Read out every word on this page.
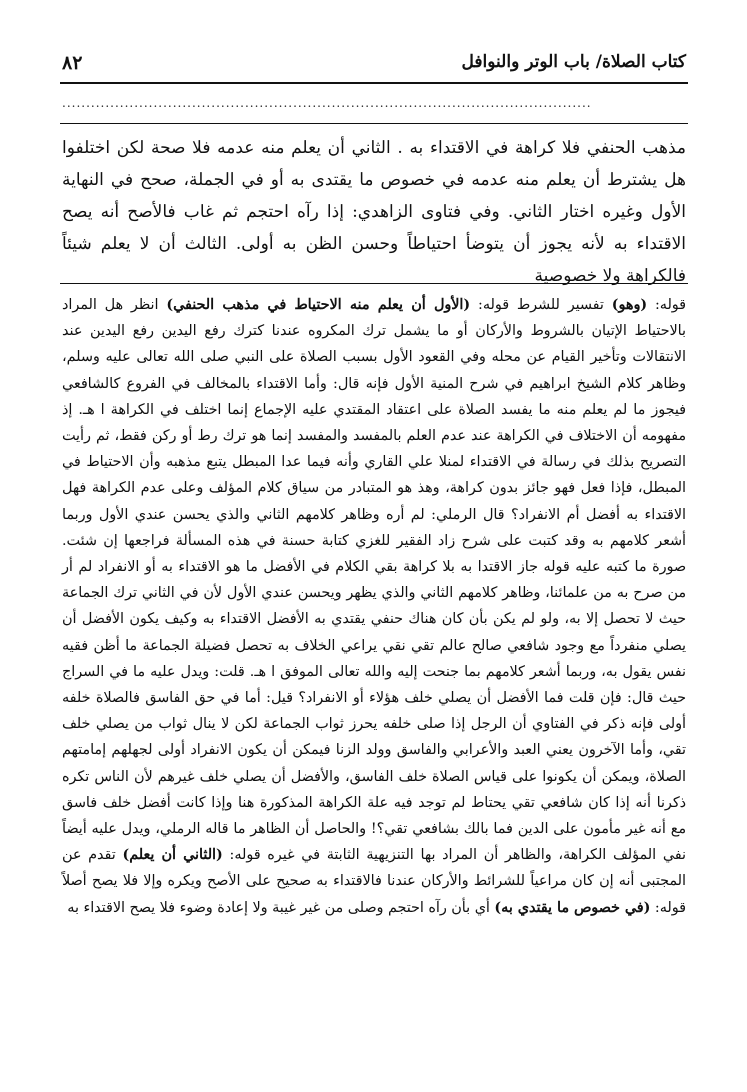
كتاب الصلاة/ باب الوتر والنوافل
٨٢
..............................................................................................................

مذهب الحنفي فلا كراهة في الاقتداء به . الثاني أن يعلم منه عدمه فلا صحة لكن اختلفوا هل يشترط أن يعلم منه عدمه في خصوص ما يقتدى به أو في الجملة، صحح في النهاية الأول وغيره اختار الثاني. وفي فتاوى الزاهدي: إذا رآه احتجم ثم غاب فالأصح أنه يصح الاقتداء به لأنه يجوز أن يتوضأ احتياطاً وحسن الظن به أولى. الثالث أن لا يعلم شيئاً فالكراهة ولا خصوصية

قوله: (وهو) تفسير للشرط قوله: (الأول أن يعلم منه الاحتياط في مذهب الحنفي) انظر هل المراد بالاحتياط الإتيان بالشروط والأركان أو ما يشمل ترك المكروه عندنا كترك رفع اليدين رفع اليدين عند الانتقالات وتأخير القيام عن محله وفي القعود الأول بسبب الصلاة على النبي صلى الله تعالى عليه وسلم، وظاهر كلام الشيخ ابراهيم في شرح المنية الأول فإنه قال: وأما الاقتداء بالمخالف في الفروع كالشافعي فيجوز ما لم يعلم منه ما يفسد الصلاة على اعتقاد المقتدي عليه الإجماع إنما اختلف في الكراهة ا هـ. إذ مفهومه أن الاختلاف في الكراهة عند عدم العلم بالمفسد والمفسد إنما هو ترك رط أو ركن فقط، ثم رأيت التصريح بذلك في رسالة في الاقتداء لمنلا علي القاري وأنه فيما عدا المبطل يتبع مذهبه وأن الاحتياط في المبطل، فإذا فعل فهو جائز بدون كراهة، وهذ هو المتبادر من سياق كلام المؤلف وعلى عدم الكراهة فهل الاقتداء به أفضل أم الانفراد؟ قال الرملي: لم أره وظاهر كلامهم الثاني والذي يحسن عندي الأول وربما أشعر كلامهم به وقد كتبت على شرح زاد الفقير للغزي كتابة حسنة في هذه المسألة فراجعها إن شئت. صورة ما كتبه عليه قوله جاز الاقتدا به بلا كراهة بقي الكلام في الأفضل ما هو الاقتداء به أو الانفراد لم أر من صرح به من علمائنا، وظاهر كلامهم الثاني والذي يظهر ويحسن عندي الأول لأن في الثاني ترك الجماعة حيث لا تحصل إلا به، ولو لم يكن بأن كان هناك حنفي يقتدي به الأفضل الاقتداء به وكيف يكون الأفضل أن يصلي منفرداً مع وجود شافعي صالح عالم تقي نقي يراعي الخلاف به تحصل فضيلة الجماعة ما أظن فقيه نفس يقول به، وربما أشعر كلامهم بما جنحت إليه والله تعالى الموفق ا هـ. قلت: ويدل عليه ما في السراج حيث قال: فإن قلت فما الأفضل أن يصلي خلف هؤلاء أو الانفراد؟ قيل: أما في حق الفاسق فالصلاة خلفه أولى فإنه ذكر في الفتاوي أن الرجل إذا صلى خلفه يحرز ثواب الجماعة لكن لا ينال ثواب من يصلي خلف تقي، وأما الآخرون يعني العبد والأعرابي والفاسق وولد الزنا فيمكن أن يكون الانفراد أولى لجهلهم إمامتهم الصلاة، ويمكن أن يكونوا على قياس الصلاة خلف الفاسق، والأفضل أن يصلي خلف غيرهم لأن الناس تكره ذكرنا أنه إذا كان شافعي تقي يحتاط لم توجد فيه علة الكراهة المذكورة هنا وإذا كانت أفضل خلف فاسق مع أنه غير مأمون على الدين فما بالك بشافعي تقي؟! والحاصل أن الظاهر ما قاله الرملي، ويدل عليه أيضاً نفي المؤلف الكراهة، والظاهر أن المراد بها التنزيهية الثابتة في غيره قوله: (الثاني أن يعلم) تقدم عن المجتبى أنه إن كان مراعياً للشرائط والأركان عندنا فالاقتداء به صحيح على الأصح ويكره وإلا فلا يصح أصلاً قوله: (في خصوص ما يقتدي به) أي بأن رآه احتجم وصلى من غير غيبة ولا إعادة وضوء فلا يصح الاقتداء به
